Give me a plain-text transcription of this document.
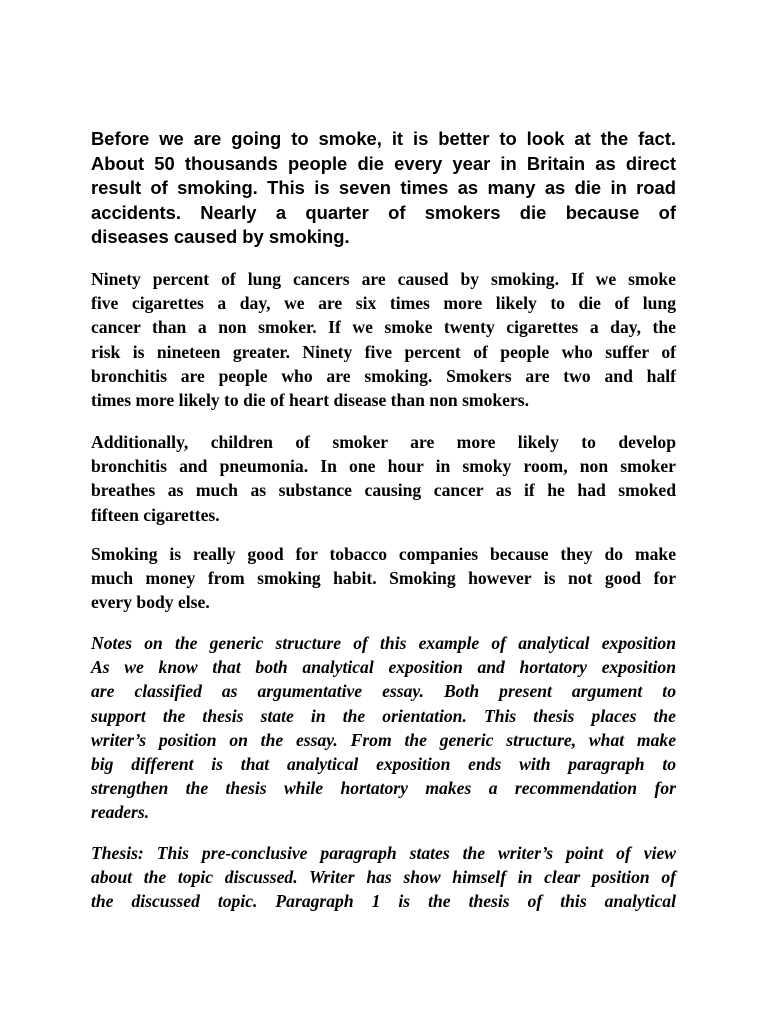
Before we are going to smoke, it is better to look at the fact.
About 50 thousands people die every year in Britain as direct
result of smoking. This is seven times as many as die in road
accidents. Nearly a quarter of smokers die because of
diseases caused by smoking.
Ninety percent of lung cancers are caused by smoking. If we smoke
five cigarettes a day, we are six times more likely to die of lung
cancer than a non smoker. If we smoke twenty cigarettes a day, the
risk is nineteen greater. Ninety five percent of people who suffer of
bronchitis are people who are smoking. Smokers are two and half
times more likely to die of heart disease than non smokers.
Additionally, children of smoker are more likely to develop
bronchitis and pneumonia. In one hour in smoky room, non smoker
breathes as much as substance causing cancer as if he had smoked
fifteen cigarettes.
Smoking is really good for tobacco companies because they do make
much money from smoking habit. Smoking however is not good for
every body else.
Notes on the generic structure of this example of analytical exposition
As we know that both analytical exposition and hortatory exposition
are classified as argumentative essay. Both present argument to
support the thesis state in the orientation. This thesis places the
writer’s position on the essay. From the generic structure, what make
big different is that analytical exposition ends with paragraph to
strengthen the thesis while hortatory makes a recommendation for
readers.
Thesis: This pre-conclusive paragraph states the writer’s point of view
about the topic discussed. Writer has show himself in clear position of
the discussed topic. Paragraph 1 is the thesis of this analytical
